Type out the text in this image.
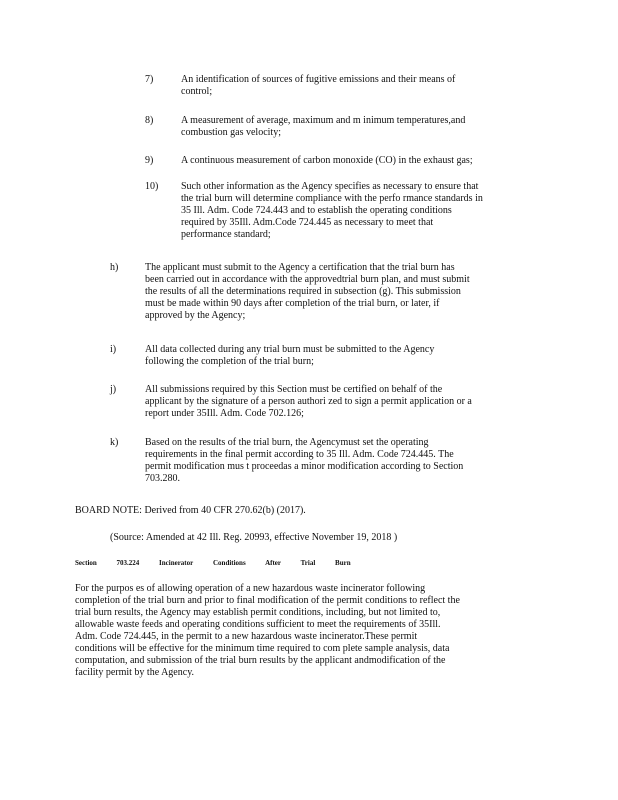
7)	An identification of sources of fugitive emissions and their means of
control;
8)	A measurement of average, maximum and m inimum temperatures,and
combustion gas velocity;
9)	A continuous measurement of carbon monoxide (CO) in the exhaust gas;
10) Such other information as the Agency specifies as necessary to ensure that
the trial burn will determine compliance with the perfo rmance standards in
35 Ill. Adm. Code 724.443 and to establish the operating conditions
required by 35Ill. Adm.Code 724.445 as necessary to meet that
performance standard;
h)	The applicant must submit to the Agency a certification that the trial burn has
been carried out in accordance with the approvedtrial burn plan, and must submit
the results of all the determinations required in subsection (g). This submission
must be made within 90 days after completion of the trial burn, or later, if
approved by the Agency;
i)	All data collected during any trial burn must be submitted to the Agency
following the completion of the trial burn;
j)	All submissions required by this Section must be certified on behalf of the
applicant by the signature of a person authori zed to sign a permit application or a
report under 35Ill. Adm. Code 702.126;
k)	Based on the results of the trial burn, the Agencymust set the operating
requirements in the final permit according to 35 Ill. Adm. Code 724.445. The
permit modification mus t proceedas a minor modification according to Section
703.280.
BOARD NOTE: Derived from 40 CFR 270.62(b) (2017).
(Source: Amended at 42 Ill. Reg. 20993, effective November 19, 2018 )
Section	703.224	Incinerator	Conditions	After	Trial	Burn
For the purpos es of allowing operation of a new hazardous waste incinerator following
completion of the trial burn and prior to final modification of the permit conditions to reflect the
trial burn results, the Agency may establish permit conditions, including, but not limited to,
allowable waste feeds and operating conditions sufficient to meet the requirements of 35Ill.
Adm. Code 724.445, in the permit to a new hazardous waste incinerator.These permit
conditions will be effective for the minimum time required to com plete sample analysis, data
computation, and submission of the trial burn results by the applicant andmodification of the
facility permit by the Agency.
